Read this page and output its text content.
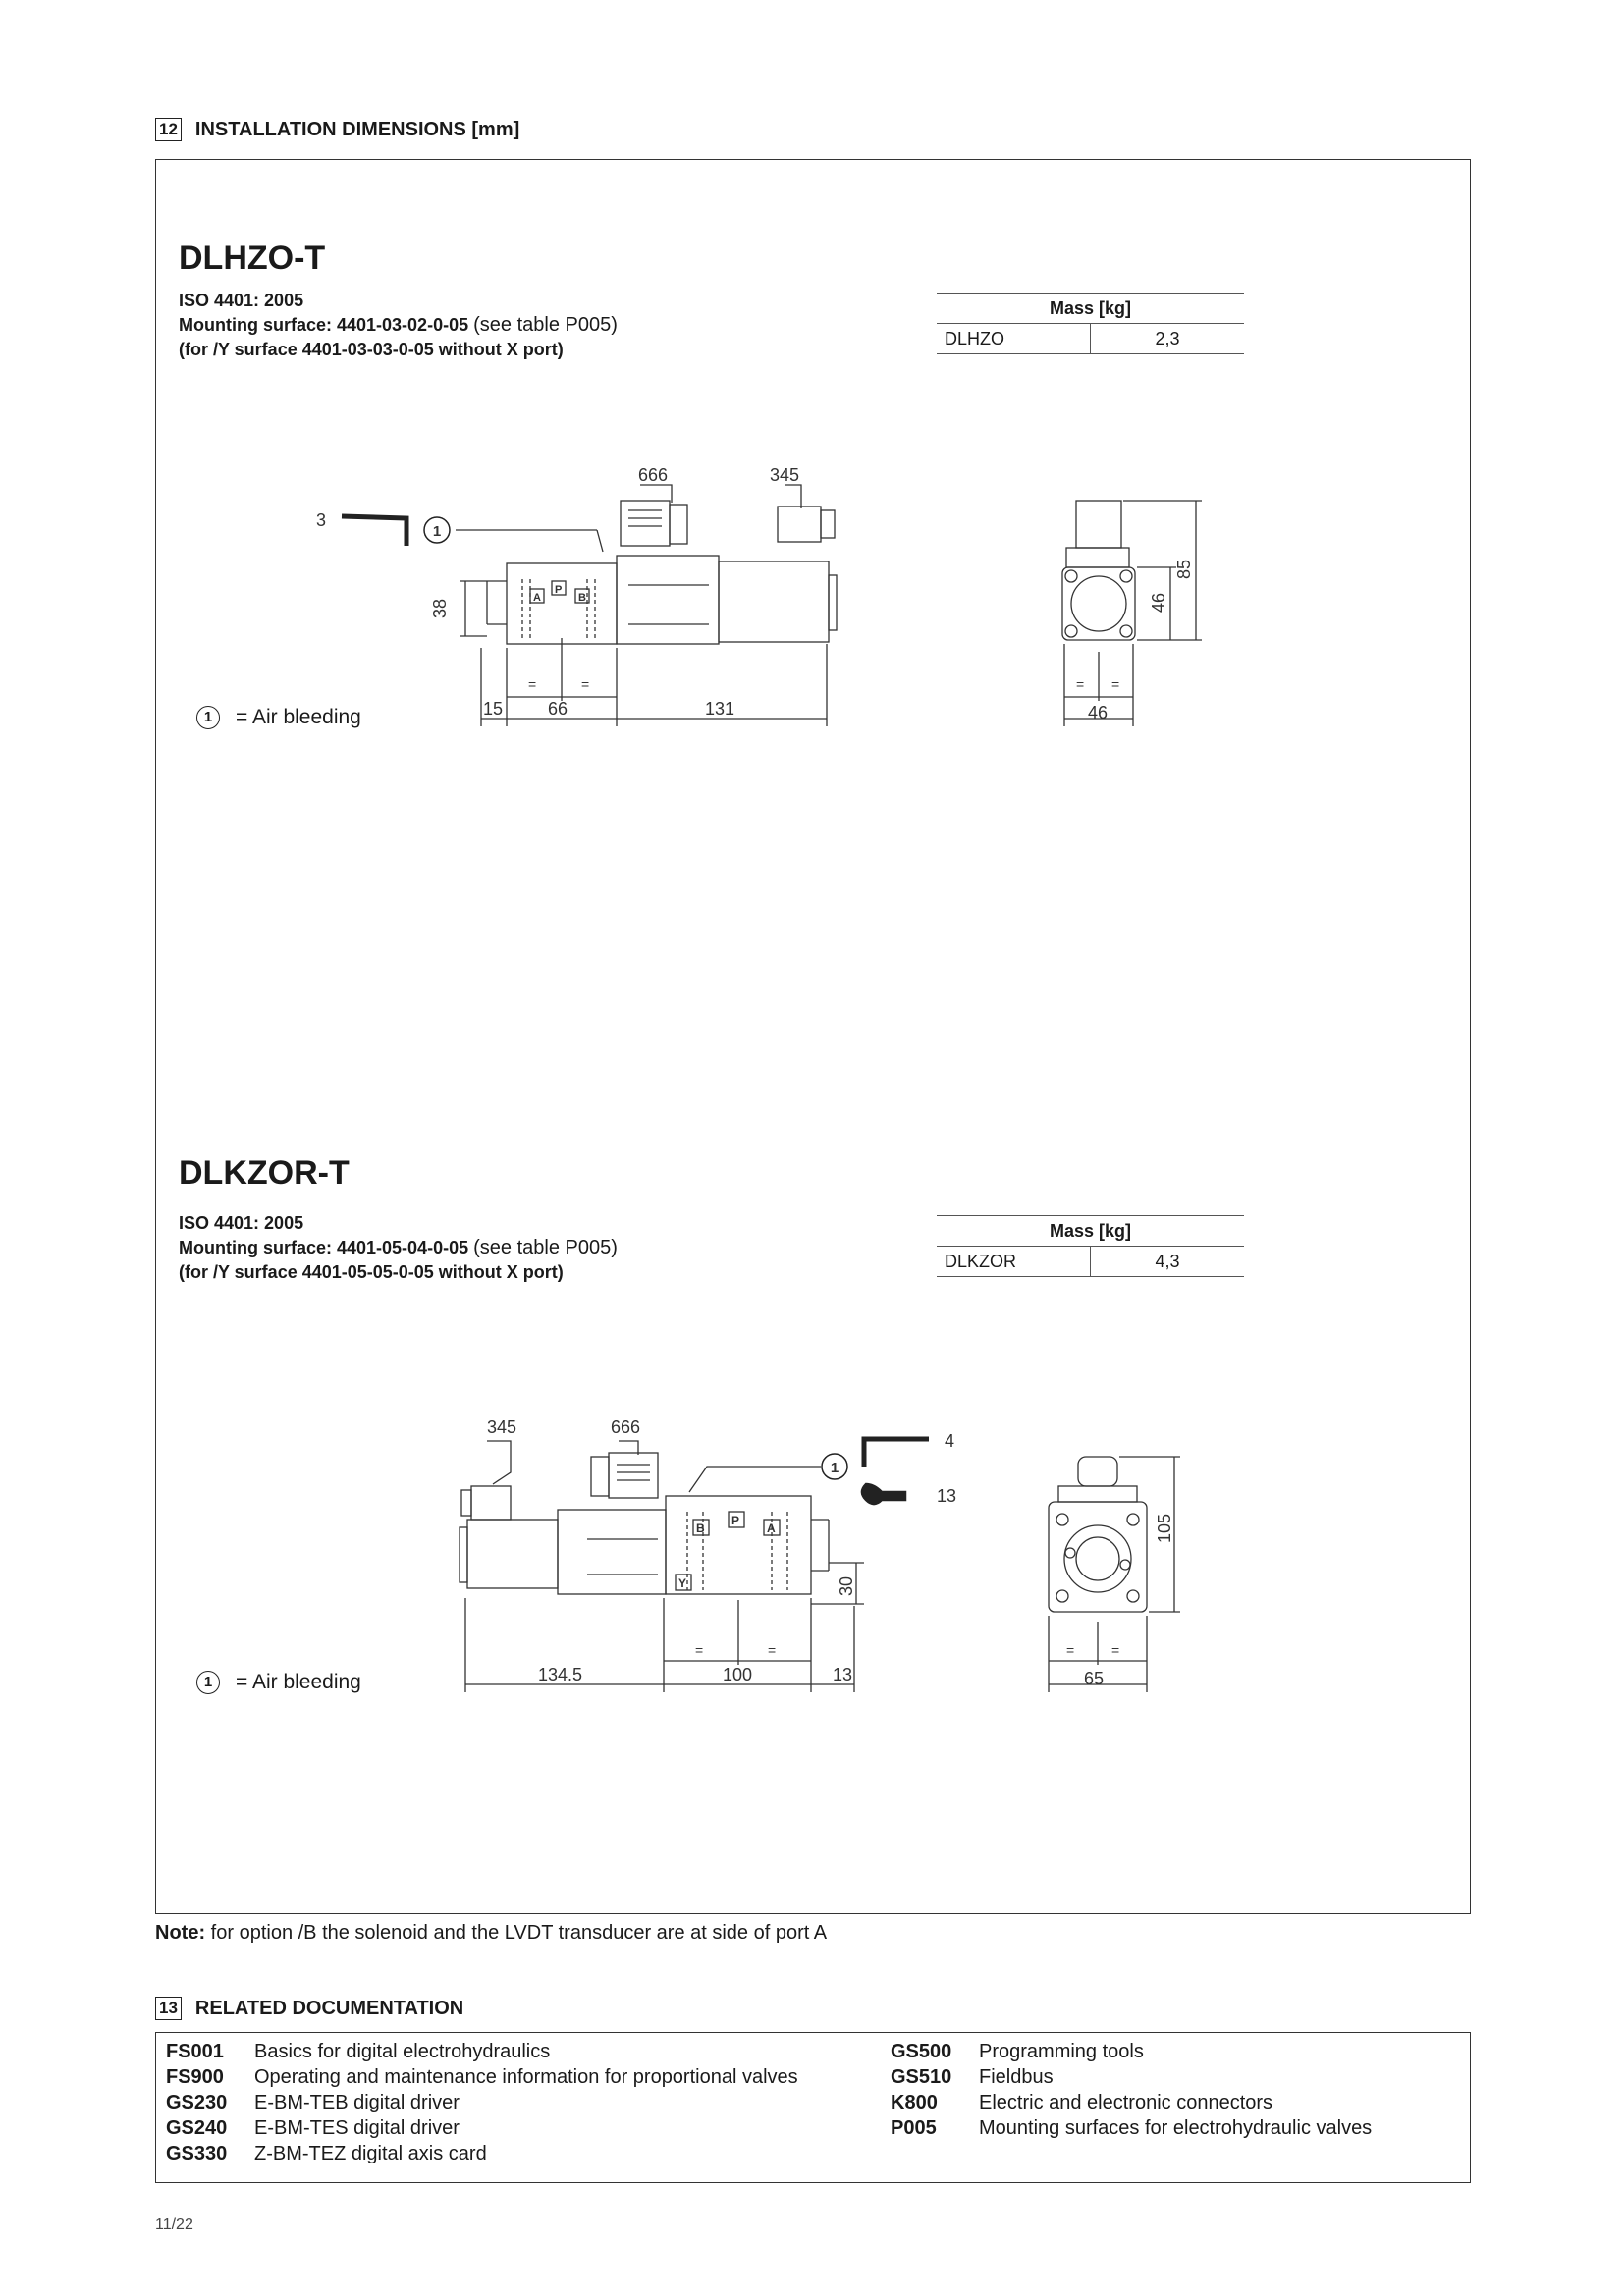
12 INSTALLATION DIMENSIONS [mm]
DLHZO-T
ISO 4401: 2005
Mounting surface: 4401-03-02-0-05 (see table P005)
(for /Y surface 4401-03-03-0-05 without X port)
Mass [kg]
DLHZO	2,3
1
666	345
3
38
15	66	131
=	=
46
= =
85
46
A
P
B
1	= Air bleeding
DLKZOR-T
ISO 4401: 2005
Mounting surface: 4401-05-04-0-05 (see table P005)
(for /Y surface 4401-05-05-0-05 without X port)
Mass [kg]
DLKZOR	4,3
1
345	666
4
13
30
134.5	100	13
=	=
65
=	=
105
B
P
A
Y
1	= Air bleeding
Note: for option /B the solenoid and the LVDT transducer are at side of port A
13 RELATED DOCUMENTATION
FS001	Basics for digital electrohydraulics
FS900	Operating and maintenance information for proportional valves
GS230	E-BM-TEB digital driver
GS240	E-BM-TES digital driver
GS330	Z-BM-TEZ digital axis card
GS500	Programming tools
GS510	Fieldbus
K800	Electric and electronic connectors
P005	Mounting surfaces for electrohydraulic valves
11/22
